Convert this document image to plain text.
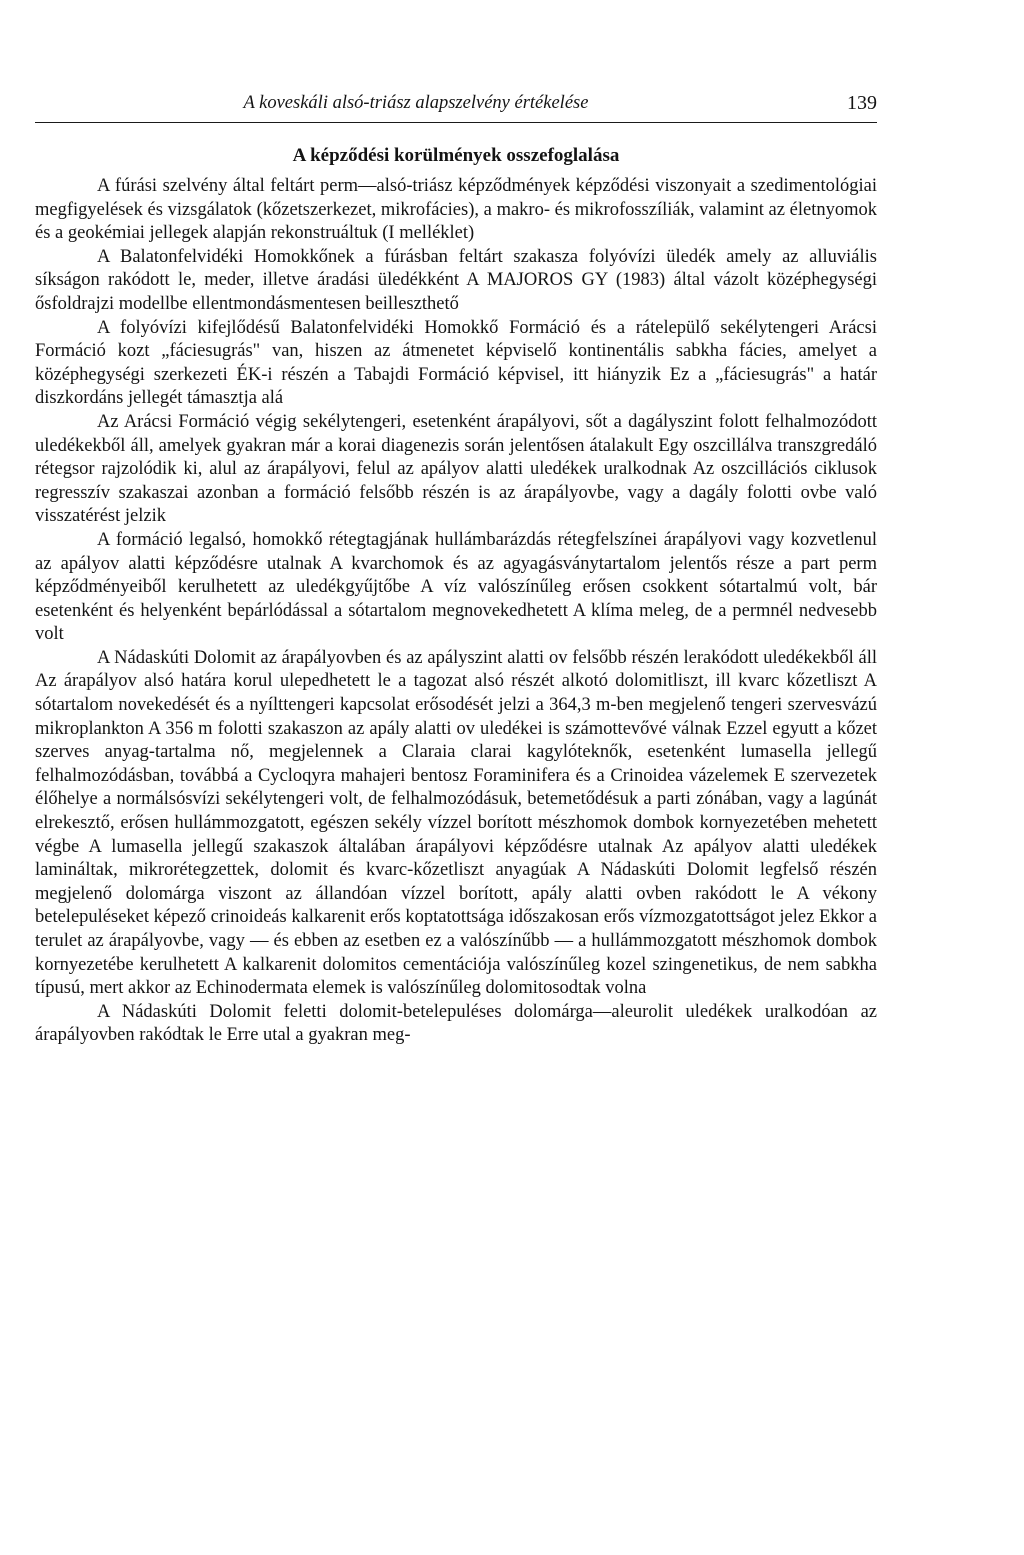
A koveskáli alsó-triász alapszelvény értékelése	139
A képződési korülmények osszefoglalása

A fúrási szelvény által feltárt perm—alsó-triász képződmények képződési viszonyait a szedimentológiai megfigyelések és vizsgálatok (kőzetszerkezet, mikrofácies), a makro- és mikrofosszíliák, valamint az életnyomok és a geokémiai jellegek alapján rekonstruáltuk (I melléklet)

A Balatonfelvidéki Homokkőnek a fúrásban feltárt szakasza folyóvízi üledék amely az alluviális síkságon rakódott le, meder, illetve áradási üledékként A MAJOROS GY (1983) által vázolt középhegységi ősfoldrajzi modellbe ellentmondásmentesen beilleszthető

A folyóvízi kifejlődésű Balatonfelvidéki Homokkő Formáció és a rátelepülő sekélytengeri Arácsi Formáció kozt „fáciesugrás" van, hiszen az átmenetet képviselő kontinentális sabkha fácies, amelyet a középhegységi szerkezeti ÉK-i részén a Tabajdi Formáció képvisel, itt hiányzik Ez a „fáciesugrás" a határ diszkordáns jellegét támasztja alá

Az Arácsi Formáció végig sekélytengeri, esetenként árapályovi, sőt a dagályszint folott felhalmozódott uledékekből áll, amelyek gyakran már a korai diagenezis során jelentősen átalakult Egy oszcillálva transzgredáló rétegsor rajzolódik ki, alul az árapályovi, felul az apályov alatti uledékek uralkodnak Az oszcillációs ciklusok regresszív szakaszai azonban a formáció felsőbb részén is az árapályovbe, vagy a dagály folotti ovbe való visszatérést jelzik

A formáció legalsó, homokkő rétegtagjának hullámbarázdás rétegfelszínei árapályovi vagy kozvetlenul az apályov alatti képződésre utalnak A kvarchomok és az agyagásványtartalom jelentős része a part perm képződményeiből kerulhetett az uledékgyűjtőbe A víz valószínűleg erősen csokkent sótartalmú volt, bár esetenként és helyenként bepárlódással a sótartalom megnovekedhetett A klíma meleg, de a permnél nedvesebb volt

A Nádaskúti Dolomit az árapályovben és az apályszint alatti ov felsőbb részén lerakódott uledékekből áll Az árapályov alsó határa korul ulepedhetett le a tagozat alsó részét alkotó dolomitliszt, ill kvarc kőzetliszt A sótartalom novekedését és a nyílttengeri kapcsolat erősodését jelzi a 364,3 m-ben megjelenő tengeri szervesvázú mikroplankton A 356 m folotti szakaszon az apály alatti ov uledékei is számottevővé válnak Ezzel egyutt a kőzet szerves anyag-tartalma nő, megjelennek a Claraia clarai kagylóteknők, esetenként lumasella jellegű felhalmozódásban, továbbá a Cycloqyra mahajeri bentosz Foraminifera és a Crinoidea vázelemek E szervezetek élőhelye a normálsósvízi sekélytengeri volt, de felhalmozódásuk, betemetődésuk a parti zónában, vagy a lagúnát elrekesztő, erősen hullámmozgatott, egészen sekély vízzel borított mészhomok dombok kornyezetében mehetett végbe A lumasella jellegű szakaszok általában árapályovi képződésre utalnak Az apályov alatti uledékek lamináltak, mikrorétegzettek, dolomit és kvarc-kőzetliszt anyagúak A Nádaskúti Dolomit legfelső részén megjelenő dolomárga viszont az állandóan vízzel borított, apály alatti ovben rakódott le A vékony betelepuléseket képező crinoideás kalkarenit erős koptatottsága időszakosan erős vízmozgatottságot jelez Ekkor a terulet az árapályovbe, vagy — és ebben az esetben ez a valószínűbb — a hullámmozgatott mészhomok dombok kornyezetébe kerulhetett A kalkarenit dolomitos cementációja valószínűleg kozel szingenetikus, de nem sabkha típusú, mert akkor az Echinodermata elemek is valószínűleg dolomitosodtak volna

A Nádaskúti Dolomit feletti dolomit-betelepuléses dolomárga—aleurolit uledékek uralkodóan az árapályovben rakódtak le Erre utal a gyakran meg-
